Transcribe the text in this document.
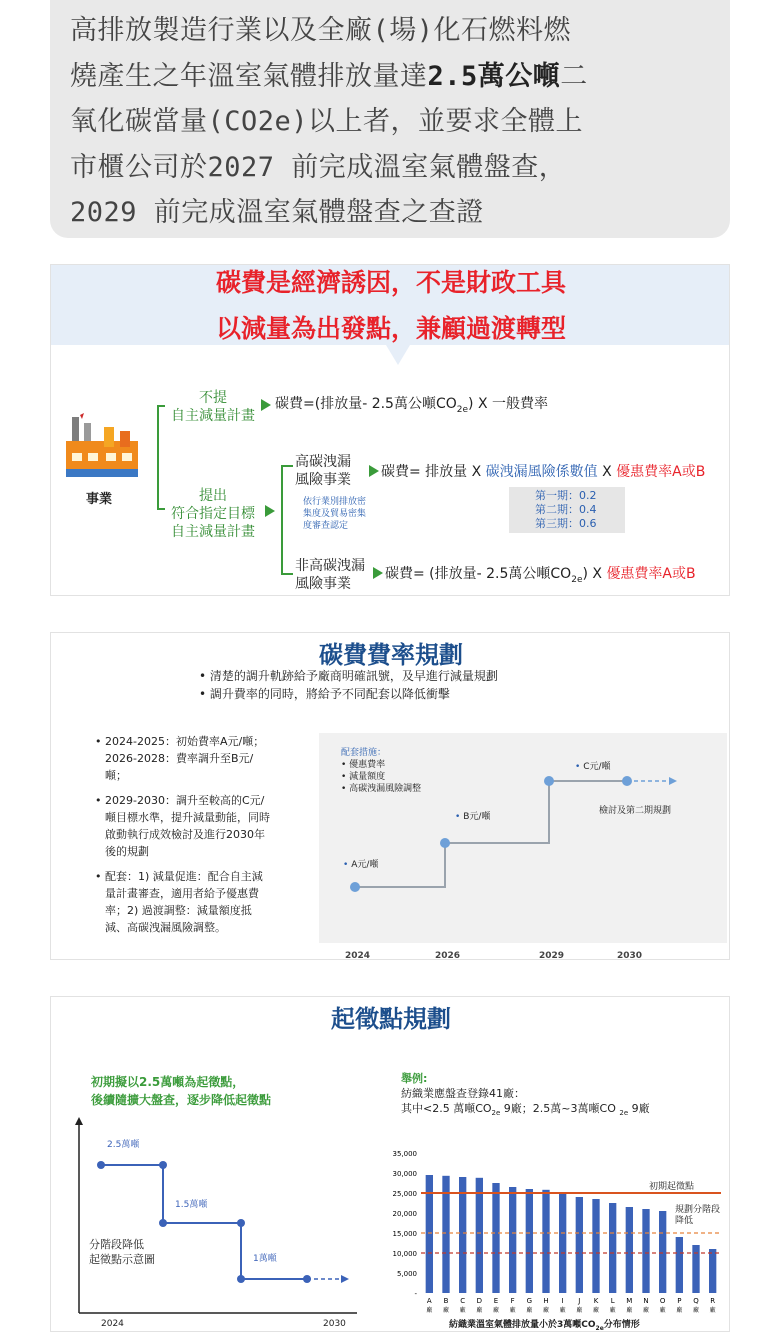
高排放製造行業以及全廠(場)化石燃料燃

燒產生之年溫室氣體排放量達2.5萬公噸二

氧化碳當量(CO2e)以上者，並要求全體上

市櫃公司於2027 前完成溫室氣體盤查，

2029 前完成溫室氣體盤查之查證

碳費是經濟誘因，不是財政工具
以減量為出發點，兼顧過渡轉型
事業
不提
自主減量計畫
碳費=(排放量- 2.5萬公噸$CO_{2e}$) X 一般費率
提出
符合指定目標
自主減量計畫
高碳洩漏
風險事業 碳費= 排放量 X 碳洩漏風險係數值 X 優惠費率A或B
依行業別排放密
集度及貿易密集
度審查認定
第一期：0.2
第二期：0.4
第三期：0.6
非高碳洩漏
風險事業
碳費= (排放量- 2.5萬公噸$CO_{2e}$) X 優惠費率A或B
碳費費率規劃
• 清楚的調升軌跡給予廠商明確訊號，及早進行減量規劃
• 調升費率的同時，將給予不同配套以降低衝擊
• 2024-2025：初始費率A元/噸；
2026-2028：費率調升至B元/
噸；
• 2029-2030：調升至較高的C元/
噸目標水準，提升減量動能，同時
啟動執行成效檢討及進行2030年
後的規劃
• 配套：1) 減量促進：配合自主減
量計畫審查，適用者給予優惠費
率；2) 過渡調整：減量額度抵
減、高碳洩漏風險調整。
配套措施：
• 優惠費率
• 減量額度
• 高碳洩漏風險調整
• A元/噸
• B元/噸
• C元/噸
檢討及第二期規劃
2024	2026	2029	2030
起徵點規劃
初期擬以2.5萬噸為起徵點，
後續隨擴大盤查，逐步降低起徵點
2.5萬噸
1.5萬噸
1萬噸
分階段降低
起徵點示意圖
2024	2030
舉例:
紡織業應盤查登錄41廠：
其中<2.5 萬噸$CO_{2e}$ 9廠；2.5萬~3萬噸CO $_{2e}$ 9廠
35,000
30,000
25,000
20,000
15,000
10,000
5,000
-
A
廠
B
廠
C
廠
D
廠
E
廠
F
廠
G
廠
H
廠
I
廠
J
廠
K
廠
L
廠
M
廠
N
廠
O
廠
P
廠
Q
廠
R
廠
初期起徵點
規劃分階段
降低
紡織業溫室氣體排放量小於3萬噸$CO_{2e}$分布情形
